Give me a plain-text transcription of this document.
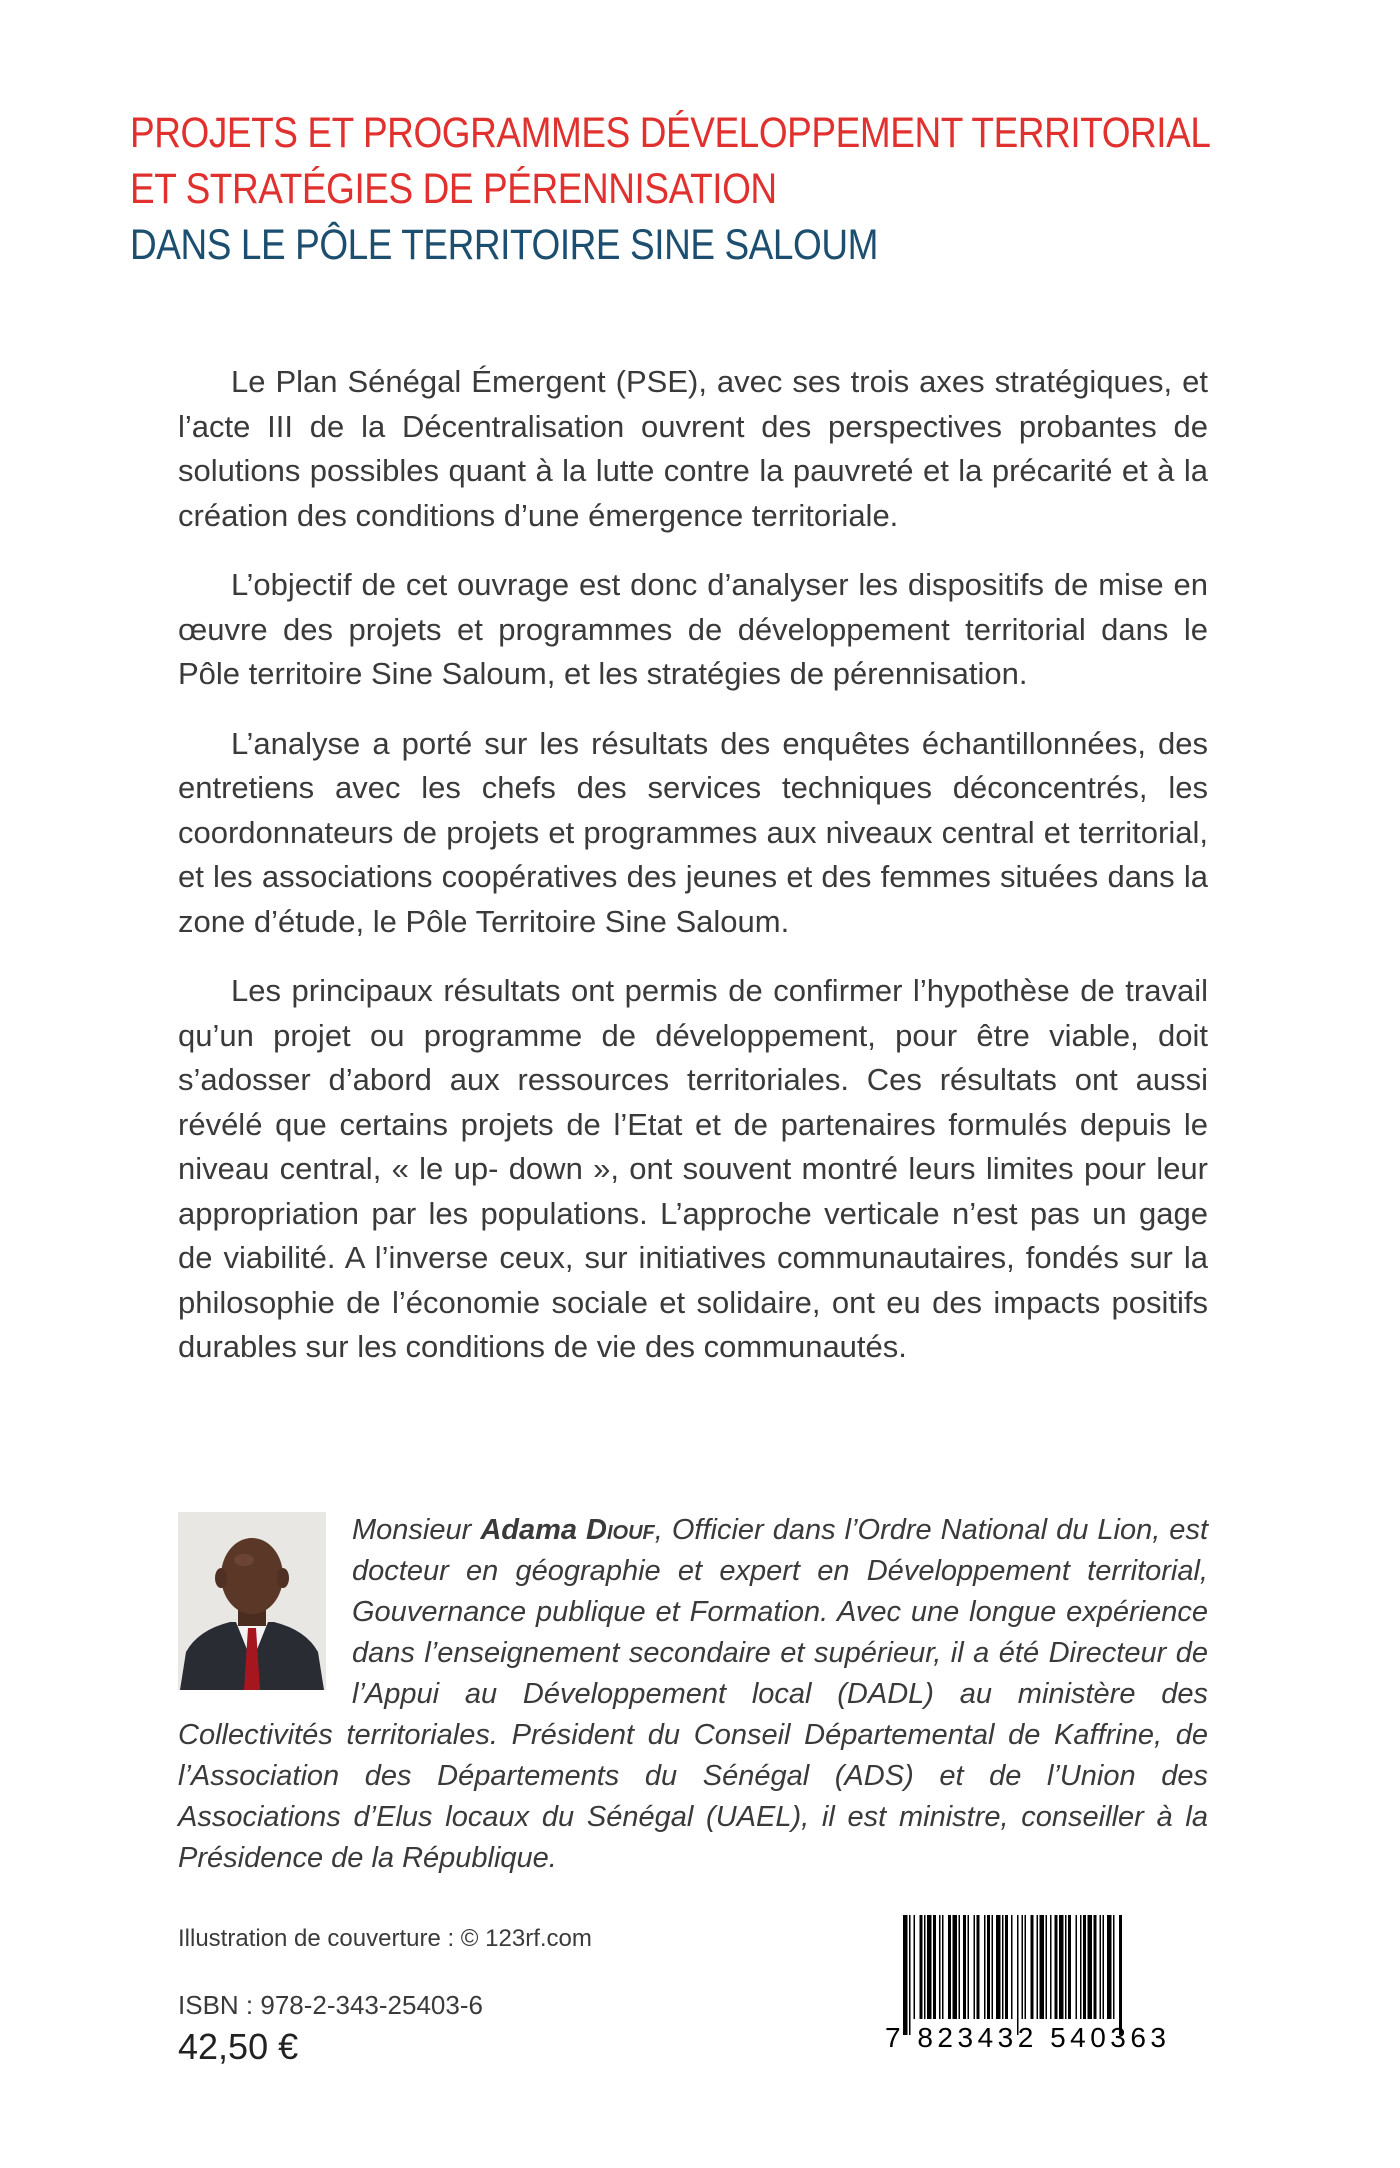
PROJETS ET PROGRAMMES DÉVELOPPEMENT TERRITORIAL
ET STRATÉGIES DE PÉRENNISATION
DANS LE PÔLE TERRITOIRE SINE SALOUM

Le Plan Sénégal Émergent (PSE), avec ses trois axes stratégiques, et l’acte III de la Décentralisation ouvrent des perspectives probantes de solutions possibles quant à la lutte contre la pauvreté et la précarité et à la création des conditions d’une émergence territoriale.

L’objectif de cet ouvrage est donc d’analyser les dispositifs de mise en œuvre des projets et programmes de développement territorial dans le Pôle territoire Sine Saloum, et les stratégies de pérennisation.

L’analyse a porté sur les résultats des enquêtes échantillonnées, des entretiens avec les chefs des services techniques déconcentrés, les coordonnateurs de projets et programmes aux niveaux central et territorial, et les associations coopératives des jeunes et des femmes situées dans la zone d’étude, le Pôle Territoire Sine Saloum.

Les principaux résultats ont permis de confirmer l’hypothèse de travail qu’un projet ou programme de développement, pour être viable, doit s’adosser d’abord aux ressources territoriales. Ces résultats ont aussi révélé que certains projets de l’Etat et de partenaires formulés depuis le niveau central, « le up- down », ont souvent montré leurs limites pour leur appropriation par les populations. L’approche verticale n’est pas un gage de viabilité. A l’inverse ceux, sur initiatives communautaires, fondés sur la philosophie de l’économie sociale et solidaire, ont eu des impacts positifs durables sur les conditions de vie des communautés.

Monsieur Adama Diouf, Officier dans l’Ordre National du Lion, est docteur en géographie et expert en Développement territorial, Gouvernance publique et Formation. Avec une longue expérience dans l’enseignement secondaire et supérieur, il a été Directeur de l’Appui au Développement local (DADL) au ministère des Collectivités territoriales. Président du Conseil Départemental de Kaffrine, de l’Association des Départements du Sénégal (ADS) et de l’Union des Associations d’Elus locaux du Sénégal (UAEL), il est ministre, conseiller à la Présidence de la République.
Illustration de couverture : © 123rf.com
ISBN : 978-2-343-25403-6
42,50 €	7 823432 540363
